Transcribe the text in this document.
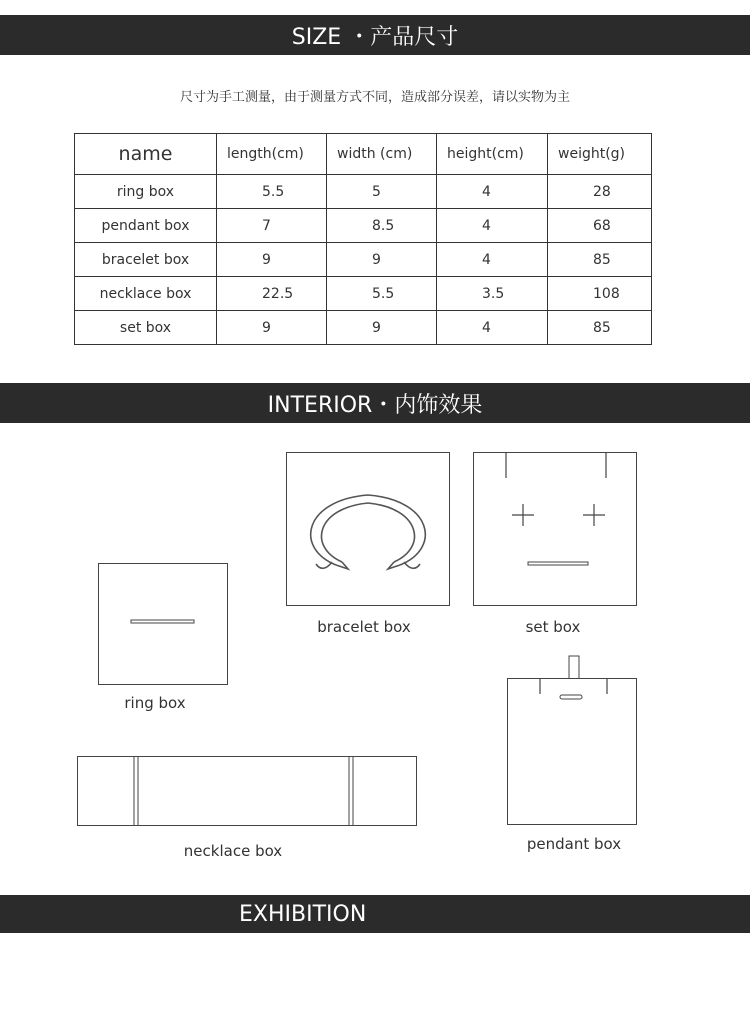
SIZE ・产品尺寸
尺寸为手工测量，由于测量方式不同，造成部分误差，请以实物为主
name	length(cm)	width (cm)	height(cm)	weight(g)
ring box	5.5	5	4	28
pendant box	7	8.5	4	68
bracelet box	9	9	4	85
necklace box	22.5	5.5	3.5	108
set box	9	9	4	85
INTERIOR・内饰效果
bracelet box	set box
ring box
pendant box
necklace box
EXHIBITION
